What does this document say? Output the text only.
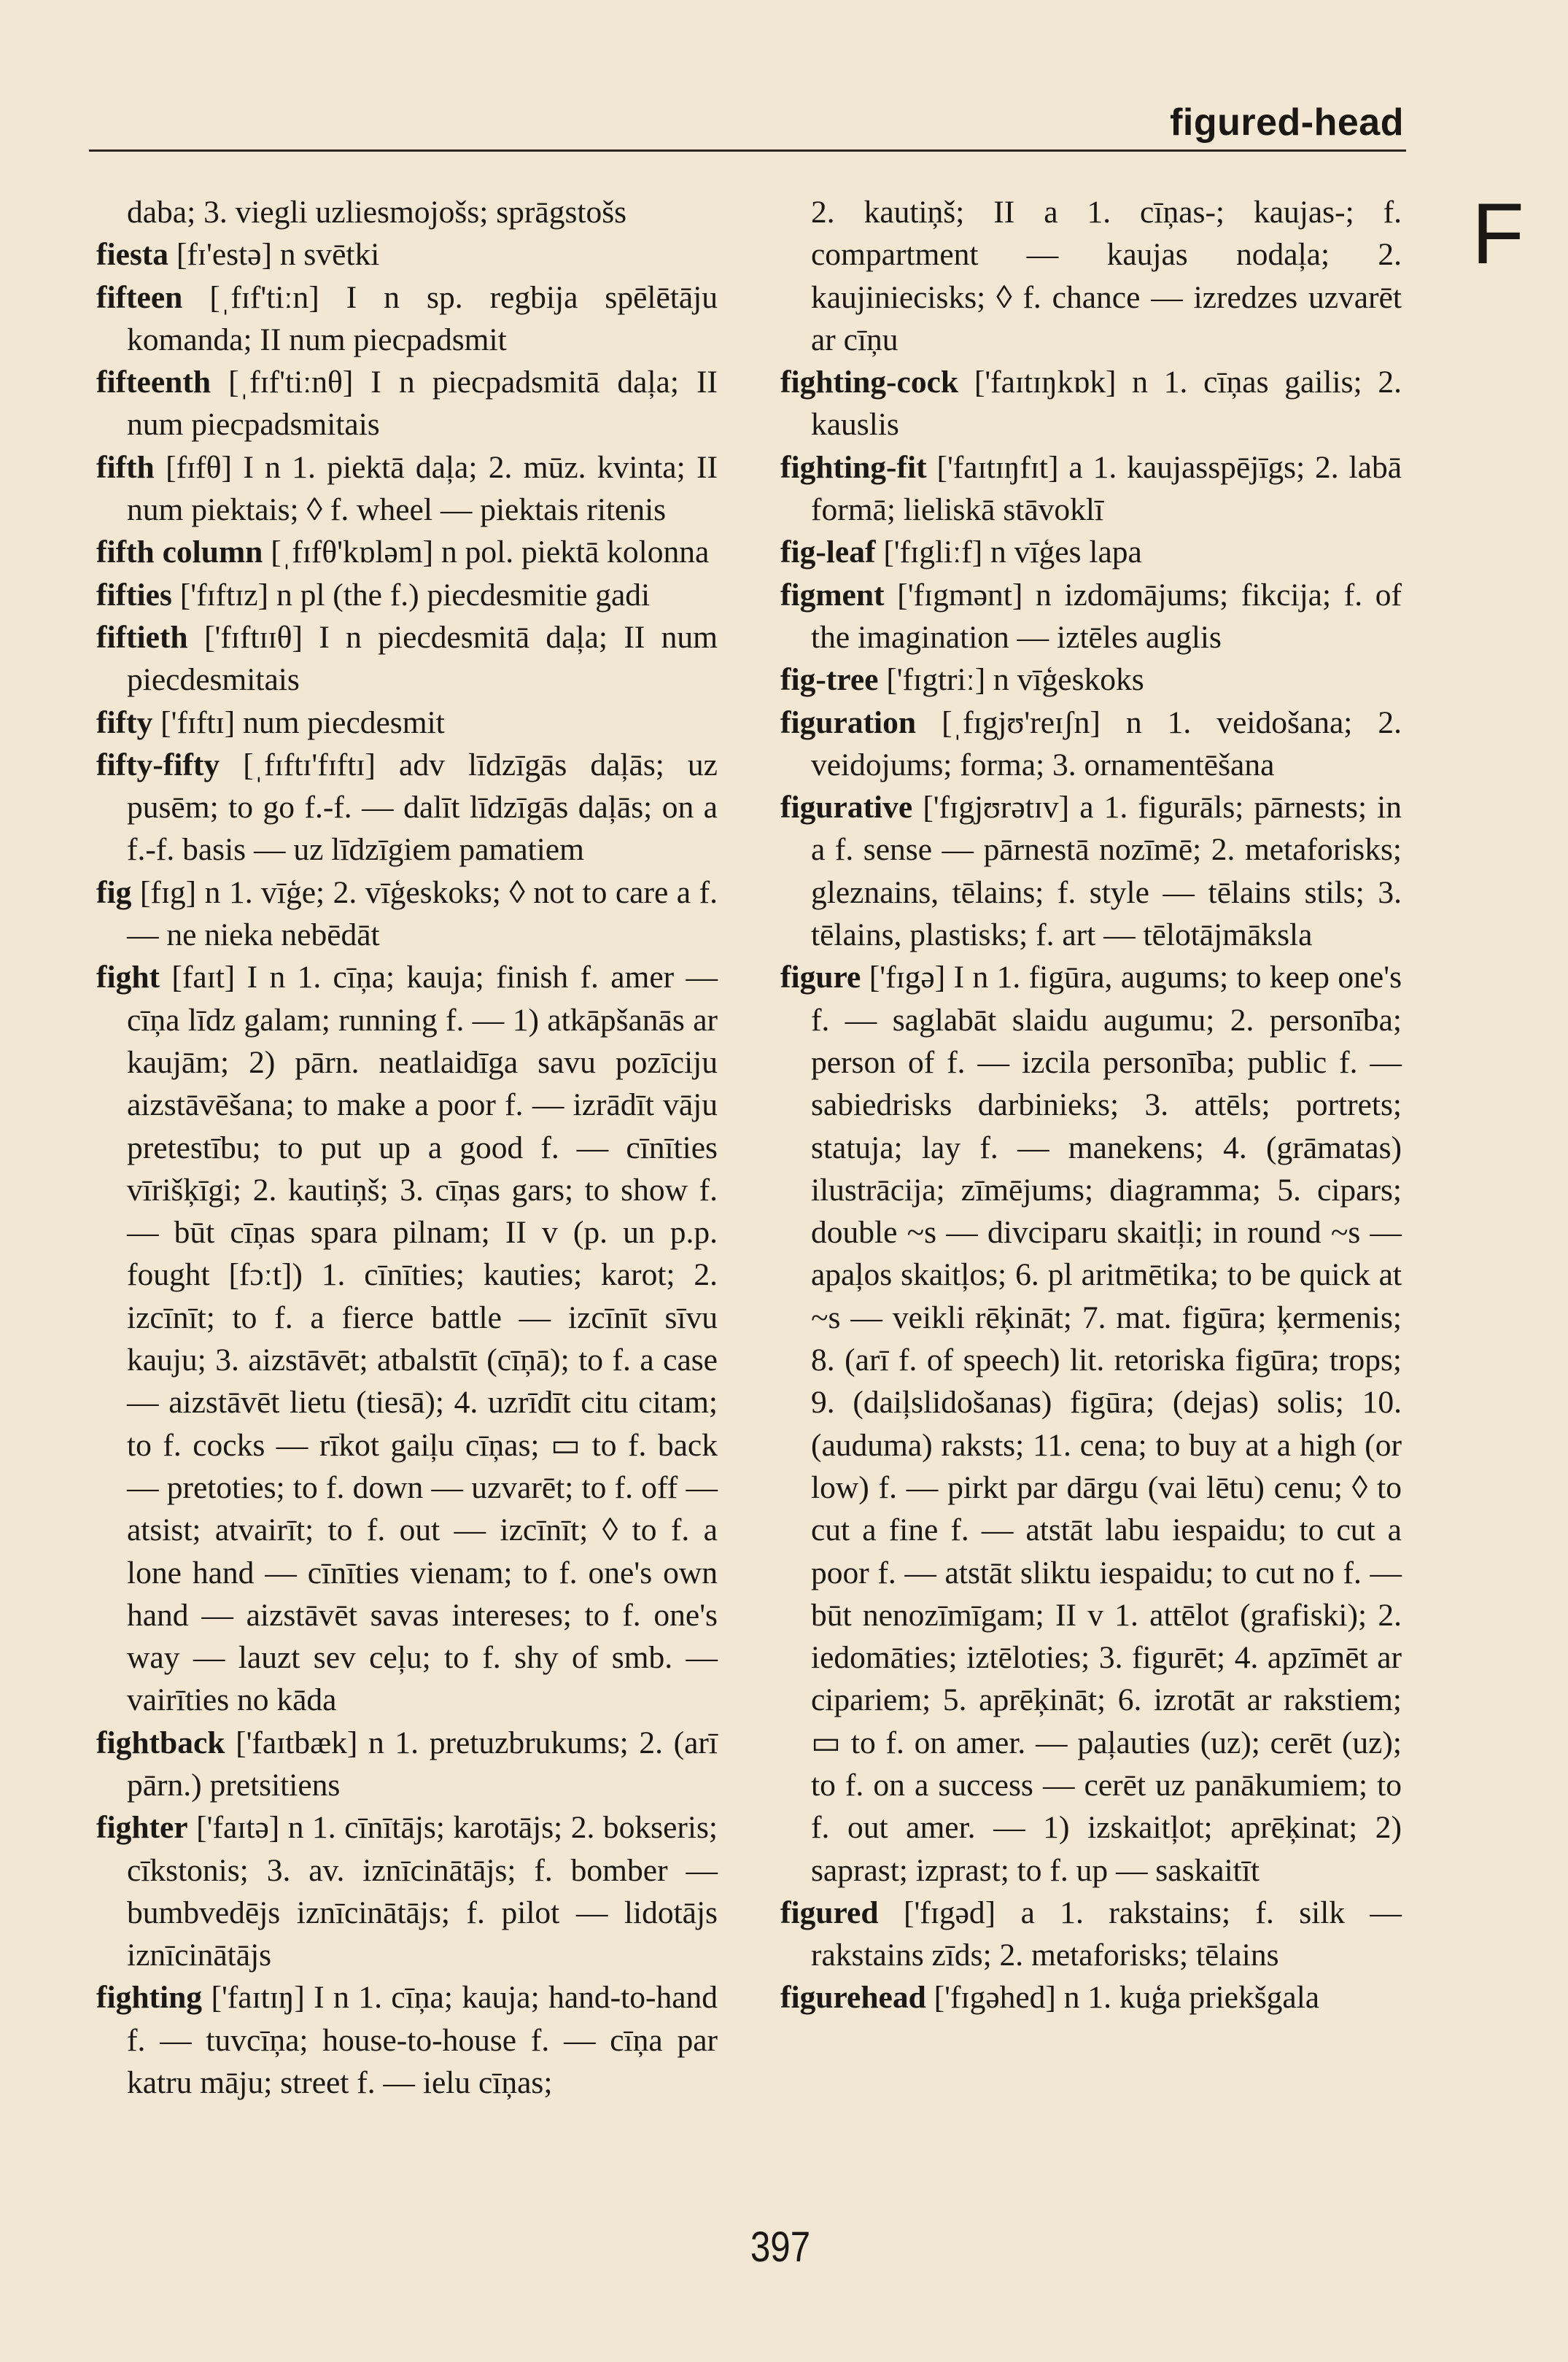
figured-head
F
daba; 3. viegli uzliesmojošs; sprāgstošs
fiesta [fɪ'estə] n svētki
fifteen [ˌfɪf'tiːn] I n sp. regbija spēlētāju komanda; II num piecpadsmit
fifteenth [ˌfɪf'tiːnθ] I n piecpadsmitā daļa; II num piecpadsmitais
fifth [fɪfθ] I n 1. piektā daļa; 2. mūz. kvinta; II num piektais; ◊ f. wheel — piektais ritenis
fifth column [ˌfɪfθ'kɒləm] n pol. piektā kolonna
fifties ['fɪftɪz] n pl (the f.) piecdesmitie gadi
fiftieth ['fɪftɪɪθ] I n piecdesmitā daļa; II num piecdesmitais
fifty ['fɪftɪ] num piecdesmit
fifty-fifty [ˌfɪftɪ'fɪftɪ] adv līdzīgās daļās; uz pusēm; to go f.-f. — dalīt līdzīgās daļās; on a f.-f. basis — uz līdzīgiem pamatiem
fig [fɪg] n 1. vīģe; 2. vīģeskoks; ◊ not to care a f. — ne nieka nebēdāt
fight [faɪt] I n 1. cīņa; kauja; finish f. amer — cīņa līdz galam; running f. — 1) atkāpšanās ar kaujām; 2) pārn. neatlaidīga savu pozīciju aizstāvēšana; to make a poor f. — izrādīt vāju pretestību; to put up a good f. — cīnīties vīrišķīgi; 2. kautiņš; 3. cīņas gars; to show f. — būt cīņas spara pilnam; II v (p. un p.p. fought [fɔːt]) 1. cīnīties; kauties; karot; 2. izcīnīt; to f. a fierce battle — izcīnīt sīvu kauju; 3. aizstāvēt; atbalstīt (cīņā); to f. a case — aizstāvēt lietu (tiesā); 4. uzrīdīt citu citam; to f. cocks — rīkot gaiļu cīņas; ▭ to f. back — pretoties; to f. down — uzvarēt; to f. off — atsist; atvairīt; to f. out — izcīnīt; ◊ to f. a lone hand — cīnīties vienam; to f. one's own hand — aizstāvēt savas intereses; to f. one's way — lauzt sev ceļu; to f. shy of smb. — vairīties no kāda
fightback ['faɪtbæk] n 1. pretuzbrukums; 2. (arī pārn.) pretsitiens
fighter ['faɪtə] n 1. cīnītājs; karotājs; 2. bokseris; cīkstonis; 3. av. iznīcinātājs; f. bomber — bumbvedējs iznīcinātājs; f. pilot — lidotājs iznīcinātājs
fighting ['faɪtɪŋ] I n 1. cīņa; kauja; hand-to-hand f. — tuvcīņa; house-to-house f. — cīņa par katru māju; street f. — ielu cīņas;
2. kautiņš; II a 1. cīņas-; kaujas-; f. compartment — kaujas nodaļa; 2. kaujiniecisks; ◊ f. chance — izredzes uzvarēt ar cīņu
fighting-cock ['faɪtɪŋkɒk] n 1. cīņas gailis; 2. kauslis
fighting-fit ['faɪtɪŋfɪt] a 1. kaujasspējīgs; 2. labā formā; lieliskā stāvoklī
fig-leaf ['fɪgliːf] n vīģes lapa
figment ['fɪgmənt] n izdomājums; fikcija; f. of the imagination — iztēles auglis
fig-tree ['fɪgtriː] n vīģeskoks
figuration [ˌfɪgjʊ'reɪʃn] n 1. veidošana; 2. veidojums; forma; 3. ornamentēšana
figurative ['fɪgjʊrətɪv] a 1. figurāls; pārnests; in a f. sense — pārnestā nozīmē; 2. metaforisks; gleznains, tēlains; f. style — tēlains stils; 3. tēlains, plastisks; f. art — tēlotājmāksla
figure ['fɪgə] I n 1. figūra, augums; to keep one's f. — saglabāt slaidu augumu; 2. personība; person of f. — izcila personība; public f. — sabiedrisks darbinieks; 3. attēls; portrets; statuja; lay f. — manekens; 4. (grāmatas) ilustrācija; zīmējums; diagramma; 5. cipars; double ~s — divciparu skaitļi; in round ~s — apaļos skaitļos; 6. pl aritmētika; to be quick at ~s — veikli rēķināt; 7. mat. figūra; ķermenis; 8. (arī f. of speech) lit. retoriska figūra; trops; 9. (daiļslidošanas) figūra; (dejas) solis; 10. (auduma) raksts; 11. cena; to buy at a high (or low) f. — pirkt par dārgu (vai lētu) cenu; ◊ to cut a fine f. — atstāt labu iespaidu; to cut a poor f. — atstāt sliktu iespaidu; to cut no f. — būt nenozīmīgam; II v 1. attēlot (grafiski); 2. iedomāties; iztēloties; 3. figurēt; 4. apzīmēt ar cipariem; 5. aprēķināt; 6. izrotāt ar rakstiem; ▭ to f. on amer. — paļauties (uz); cerēt (uz); to f. on a success — cerēt uz panākumiem; to f. out amer. — 1) izskaitļot; aprēķinat; 2) saprast; izprast; to f. up — saskaitīt
figured ['fɪgəd] a 1. rakstains; f. silk — rakstains zīds; 2. metaforisks; tēlains
figurehead ['fɪgəhed] n 1. kuģa priekšgala
397
